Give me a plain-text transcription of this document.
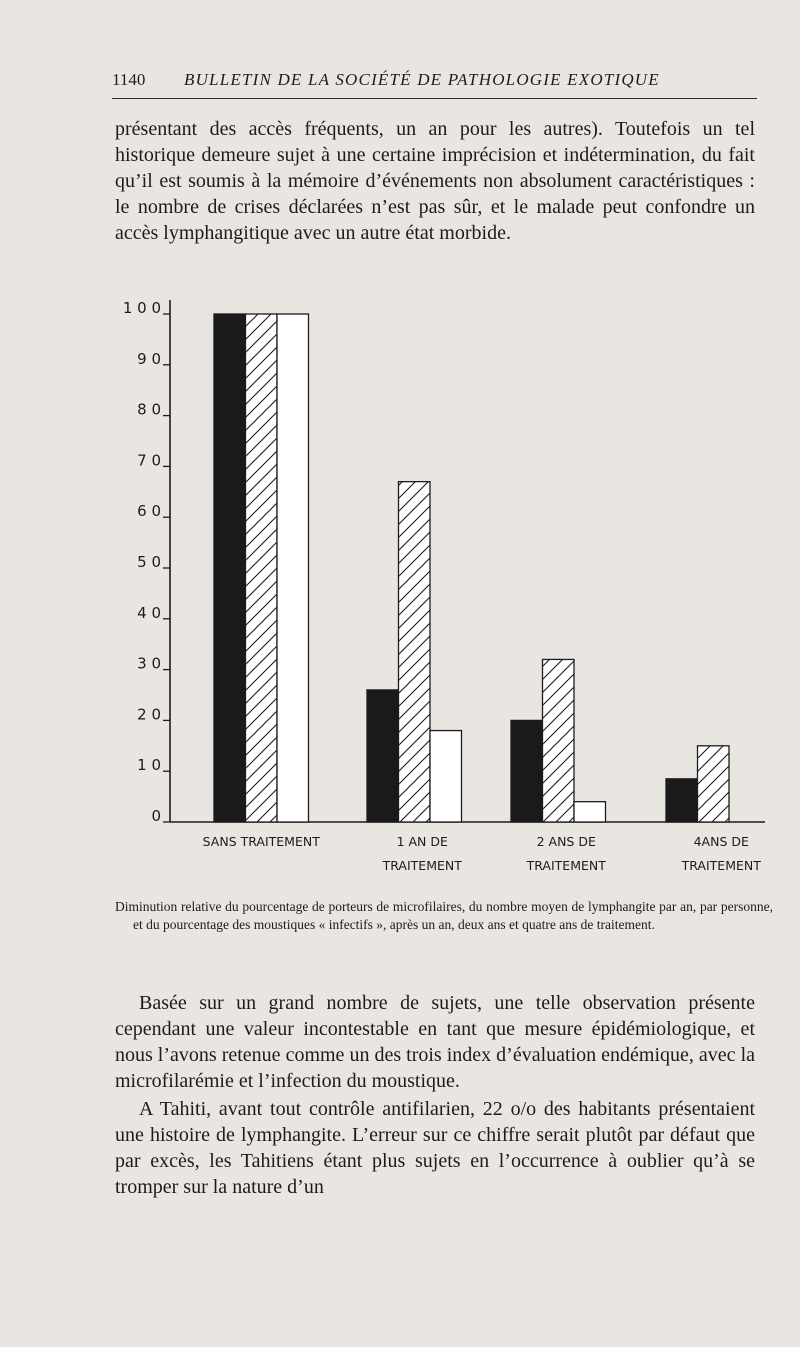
1140 BULLETIN DE LA SOCIÉTÉ DE PATHOLOGIE EXOTIQUE

présentant des accès fréquents, un an pour les autres). Toutefois un tel historique demeure sujet à une certaine imprécision et indétermination, du fait qu’il est soumis à la mémoire d’événements non absolument caractéristiques : le nombre de crises déclarées n’est pas sûr, et le malade peut confondre un accès lymphangitique avec un autre état morbide.

0
1 0
2 0
3 0
4 0
5 0
6 0
7 0
8 0
9 0
1 0 0
SANS TRAITEMENT	1 AN DE
TRAITEMENT
2 ANS DE
TRAITEMENT
4ANS DE
TRAITEMENT

Diminution relative du pourcentage de porteurs de microfilaires, du nombre moyen de lymphangite par an, par personne, et du pourcentage des moustiques « infectifs », après un an, deux ans et quatre ans de traitement.

Basée sur un grand nombre de sujets, une telle observation présente cependant une valeur incontestable en tant que mesure épidémiologique, et nous l’avons retenue comme un des trois index d’évaluation endémique, avec la microfilarémie et l’infection du moustique.

A Tahiti, avant tout contrôle antifilarien, 22 o/o des habitants présentaient une histoire de lymphangite. L’erreur sur ce chiffre serait plutôt par défaut que par excès, les Tahitiens étant plus sujets en l’occurrence à oublier qu’à se tromper sur la nature d’un
